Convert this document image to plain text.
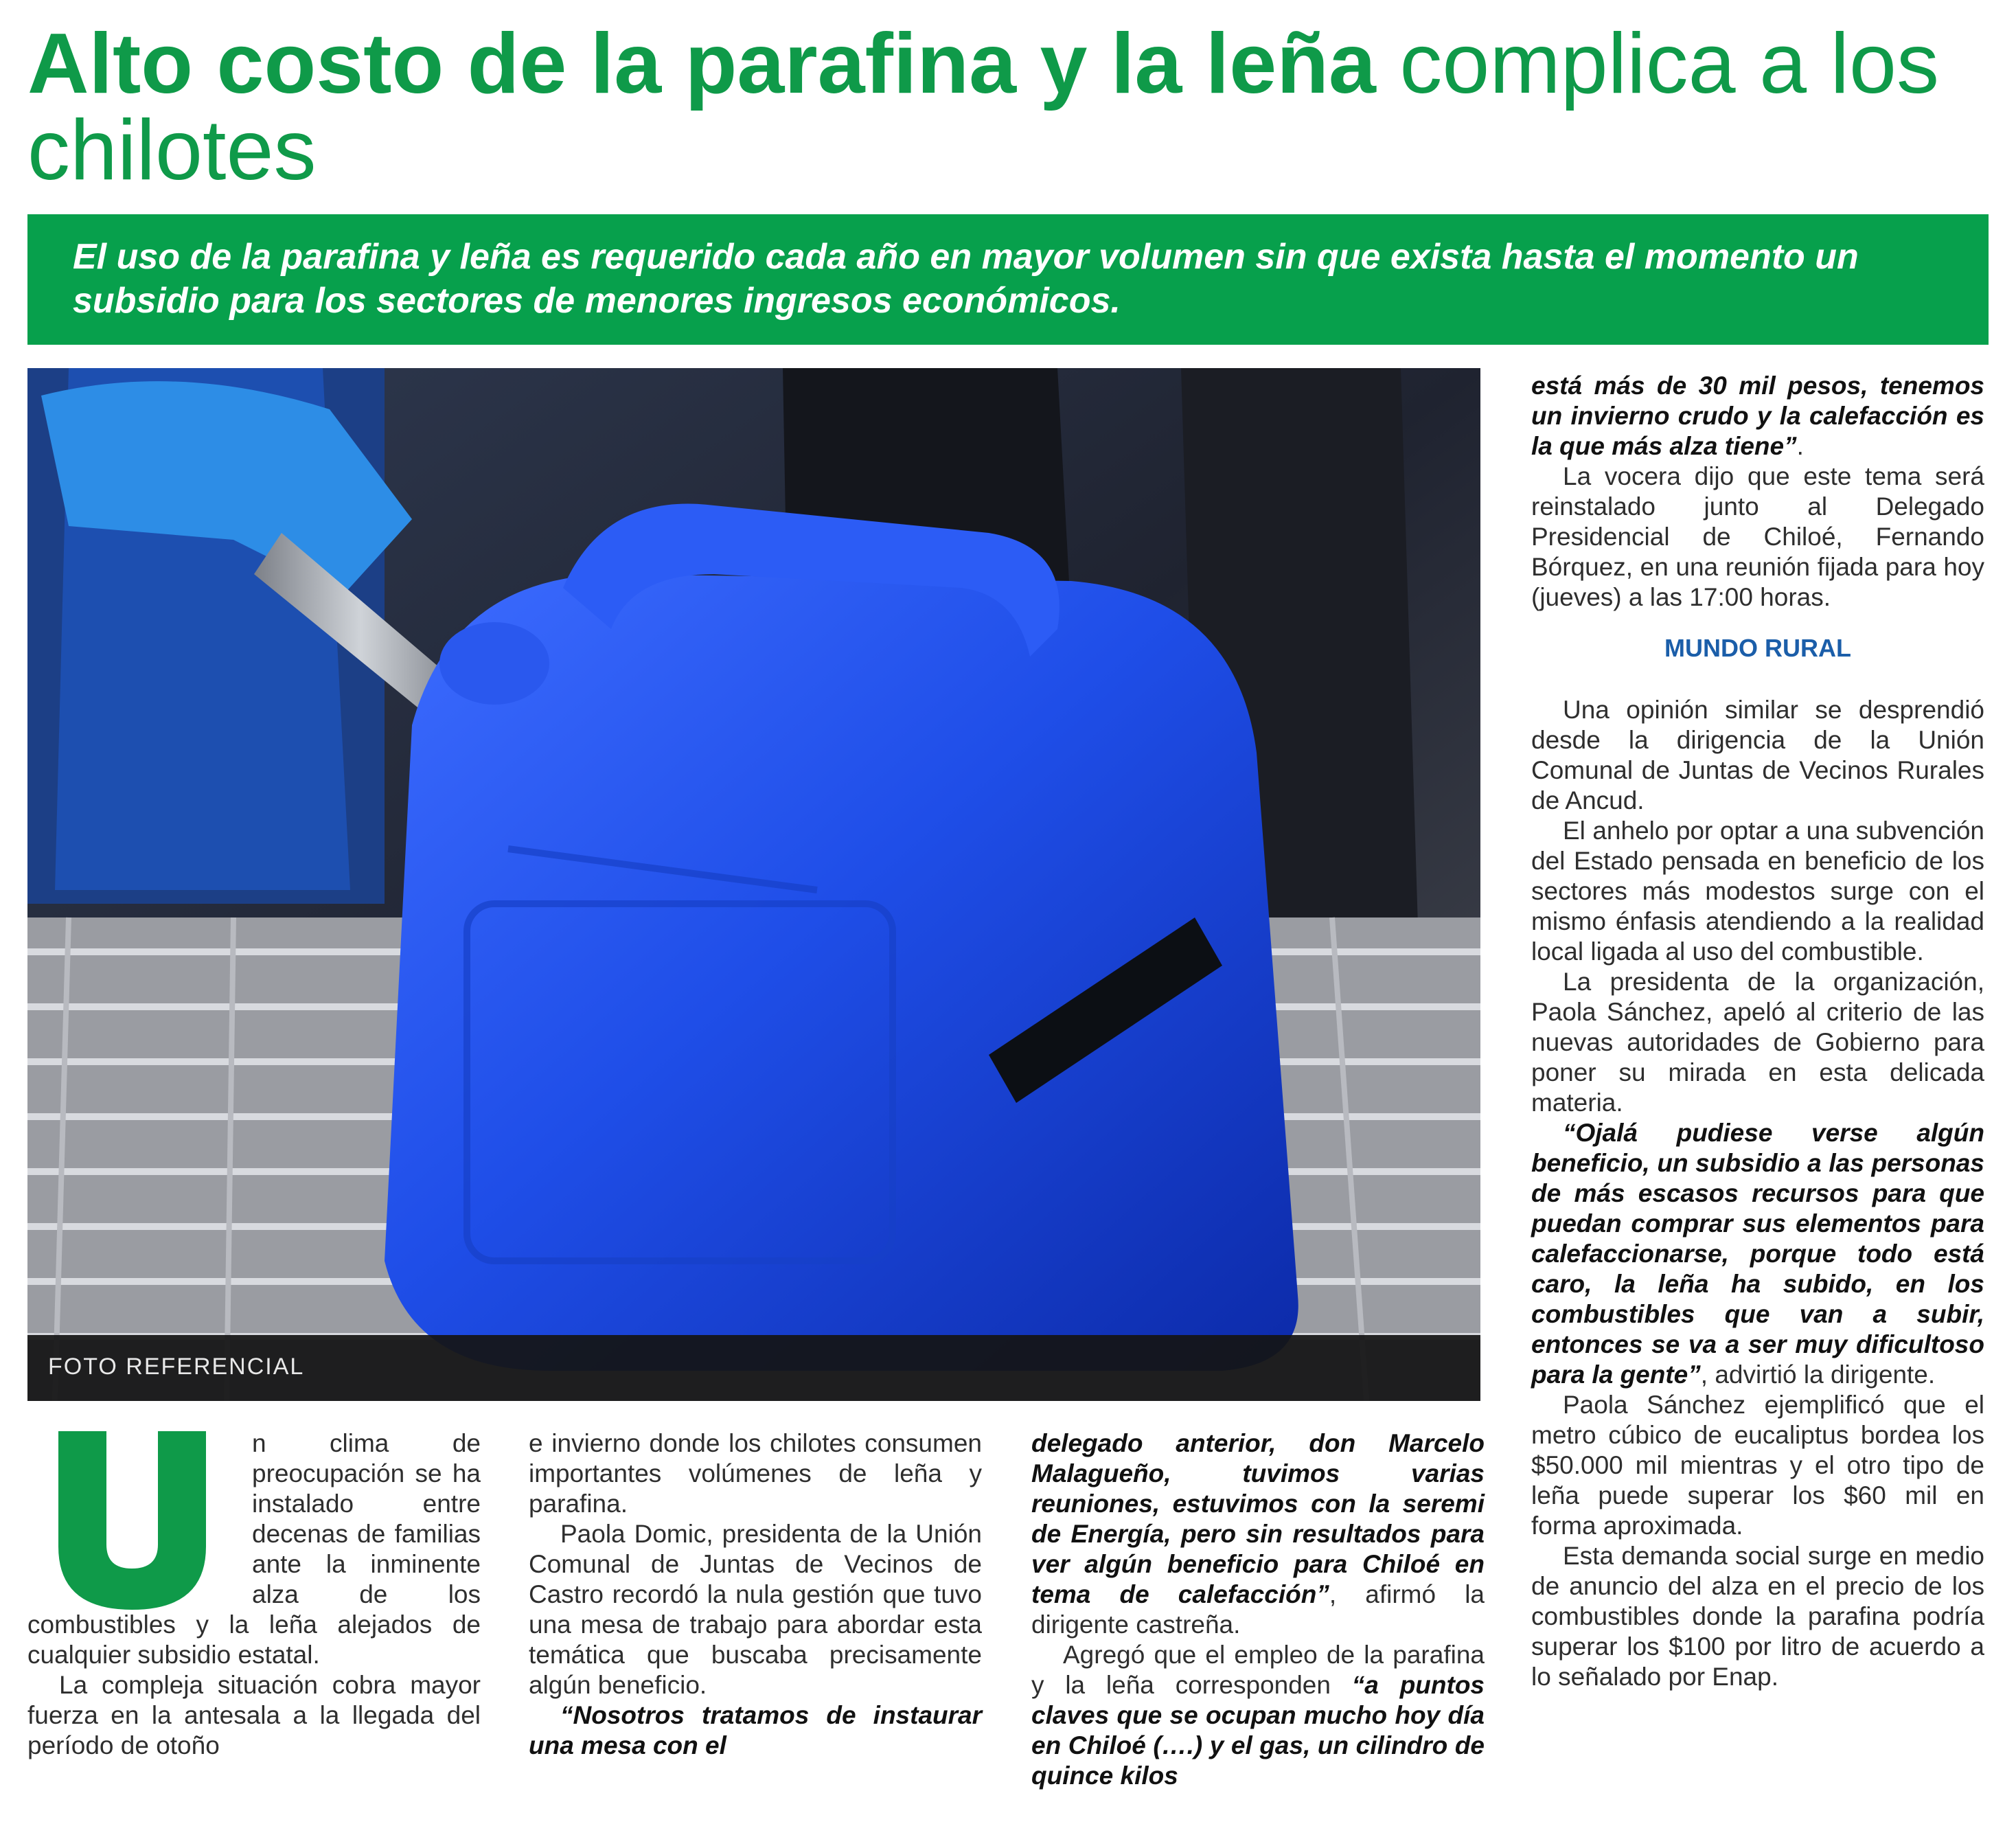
Alto costo de la parafina y la leña complica a los chilotes

El uso de la parafina y leña es requerido cada año en mayor volumen sin que exista hasta el momento un subsidio para los sectores de menores ingresos económicos.

FOTO REFERENCIAL
U	n clima de preocupación se ha instalado entre decenas de familias ante la inminente alza de los combustibles y la leña alejados de cualquier subsidio estatal.

La compleja situación cobra mayor fuerza en la antesala a la llegada del período de otoño

e invierno donde los chilotes consumen importantes volúmenes de leña y parafina.

Paola Domic, presidenta de la Unión Comunal de Juntas de Vecinos de Castro recordó la nula gestión que tuvo una mesa de trabajo para abordar esta temática que buscaba precisamente algún beneficio.

“Nosotros tratamos de instaurar una mesa con el

delegado anterior, don Marcelo Malagueño, tuvimos varias reuniones, estuvimos con la seremi de Energía, pero sin resultados para ver algún beneficio para Chiloé en tema de calefacción”, afirmó la dirigente castreña.

Agregó que el empleo de la parafina y la leña corresponden “a puntos claves que se ocupan mucho hoy día en Chiloé (….) y el gas, un cilindro de quince kilos

está más de 30 mil pesos, tenemos un invierno crudo y la calefacción es la que más alza tiene”.

La vocera dijo que este tema será reinstalado junto al Delegado Presidencial de Chiloé, Fernando Bórquez, en una reunión fijada para hoy (jueves) a las 17:00 horas.

MUNDO RURAL

Una opinión similar se desprendió desde la dirigencia de la Unión Comunal de Juntas de Vecinos Rurales de Ancud.

El anhelo por optar a una subvención del Estado pensada en beneficio de los sectores más modestos surge con el mismo énfasis atendiendo a la realidad local ligada al uso del combustible.

La presidenta de la organización, Paola Sánchez, apeló al criterio de las nuevas autoridades de Gobierno para poner su mirada en esta delicada materia.

“Ojalá pudiese verse algún beneficio, un subsidio a las personas de más escasos recursos para que puedan comprar sus elementos para calefaccionarse, porque todo está caro, la leña ha subido, en los combustibles que van a subir, entonces se va a ser muy dificultoso para la gente”, advirtió la dirigente.

Paola Sánchez ejemplificó que el metro cúbico de eucaliptus bordea los $50.000 mil mientras y el otro tipo de leña puede superar los $60 mil en forma aproximada.

Esta demanda social surge en medio de anuncio del alza en el precio de los combustibles donde la parafina podría superar los $100 por litro de acuerdo a lo señalado por Enap.
